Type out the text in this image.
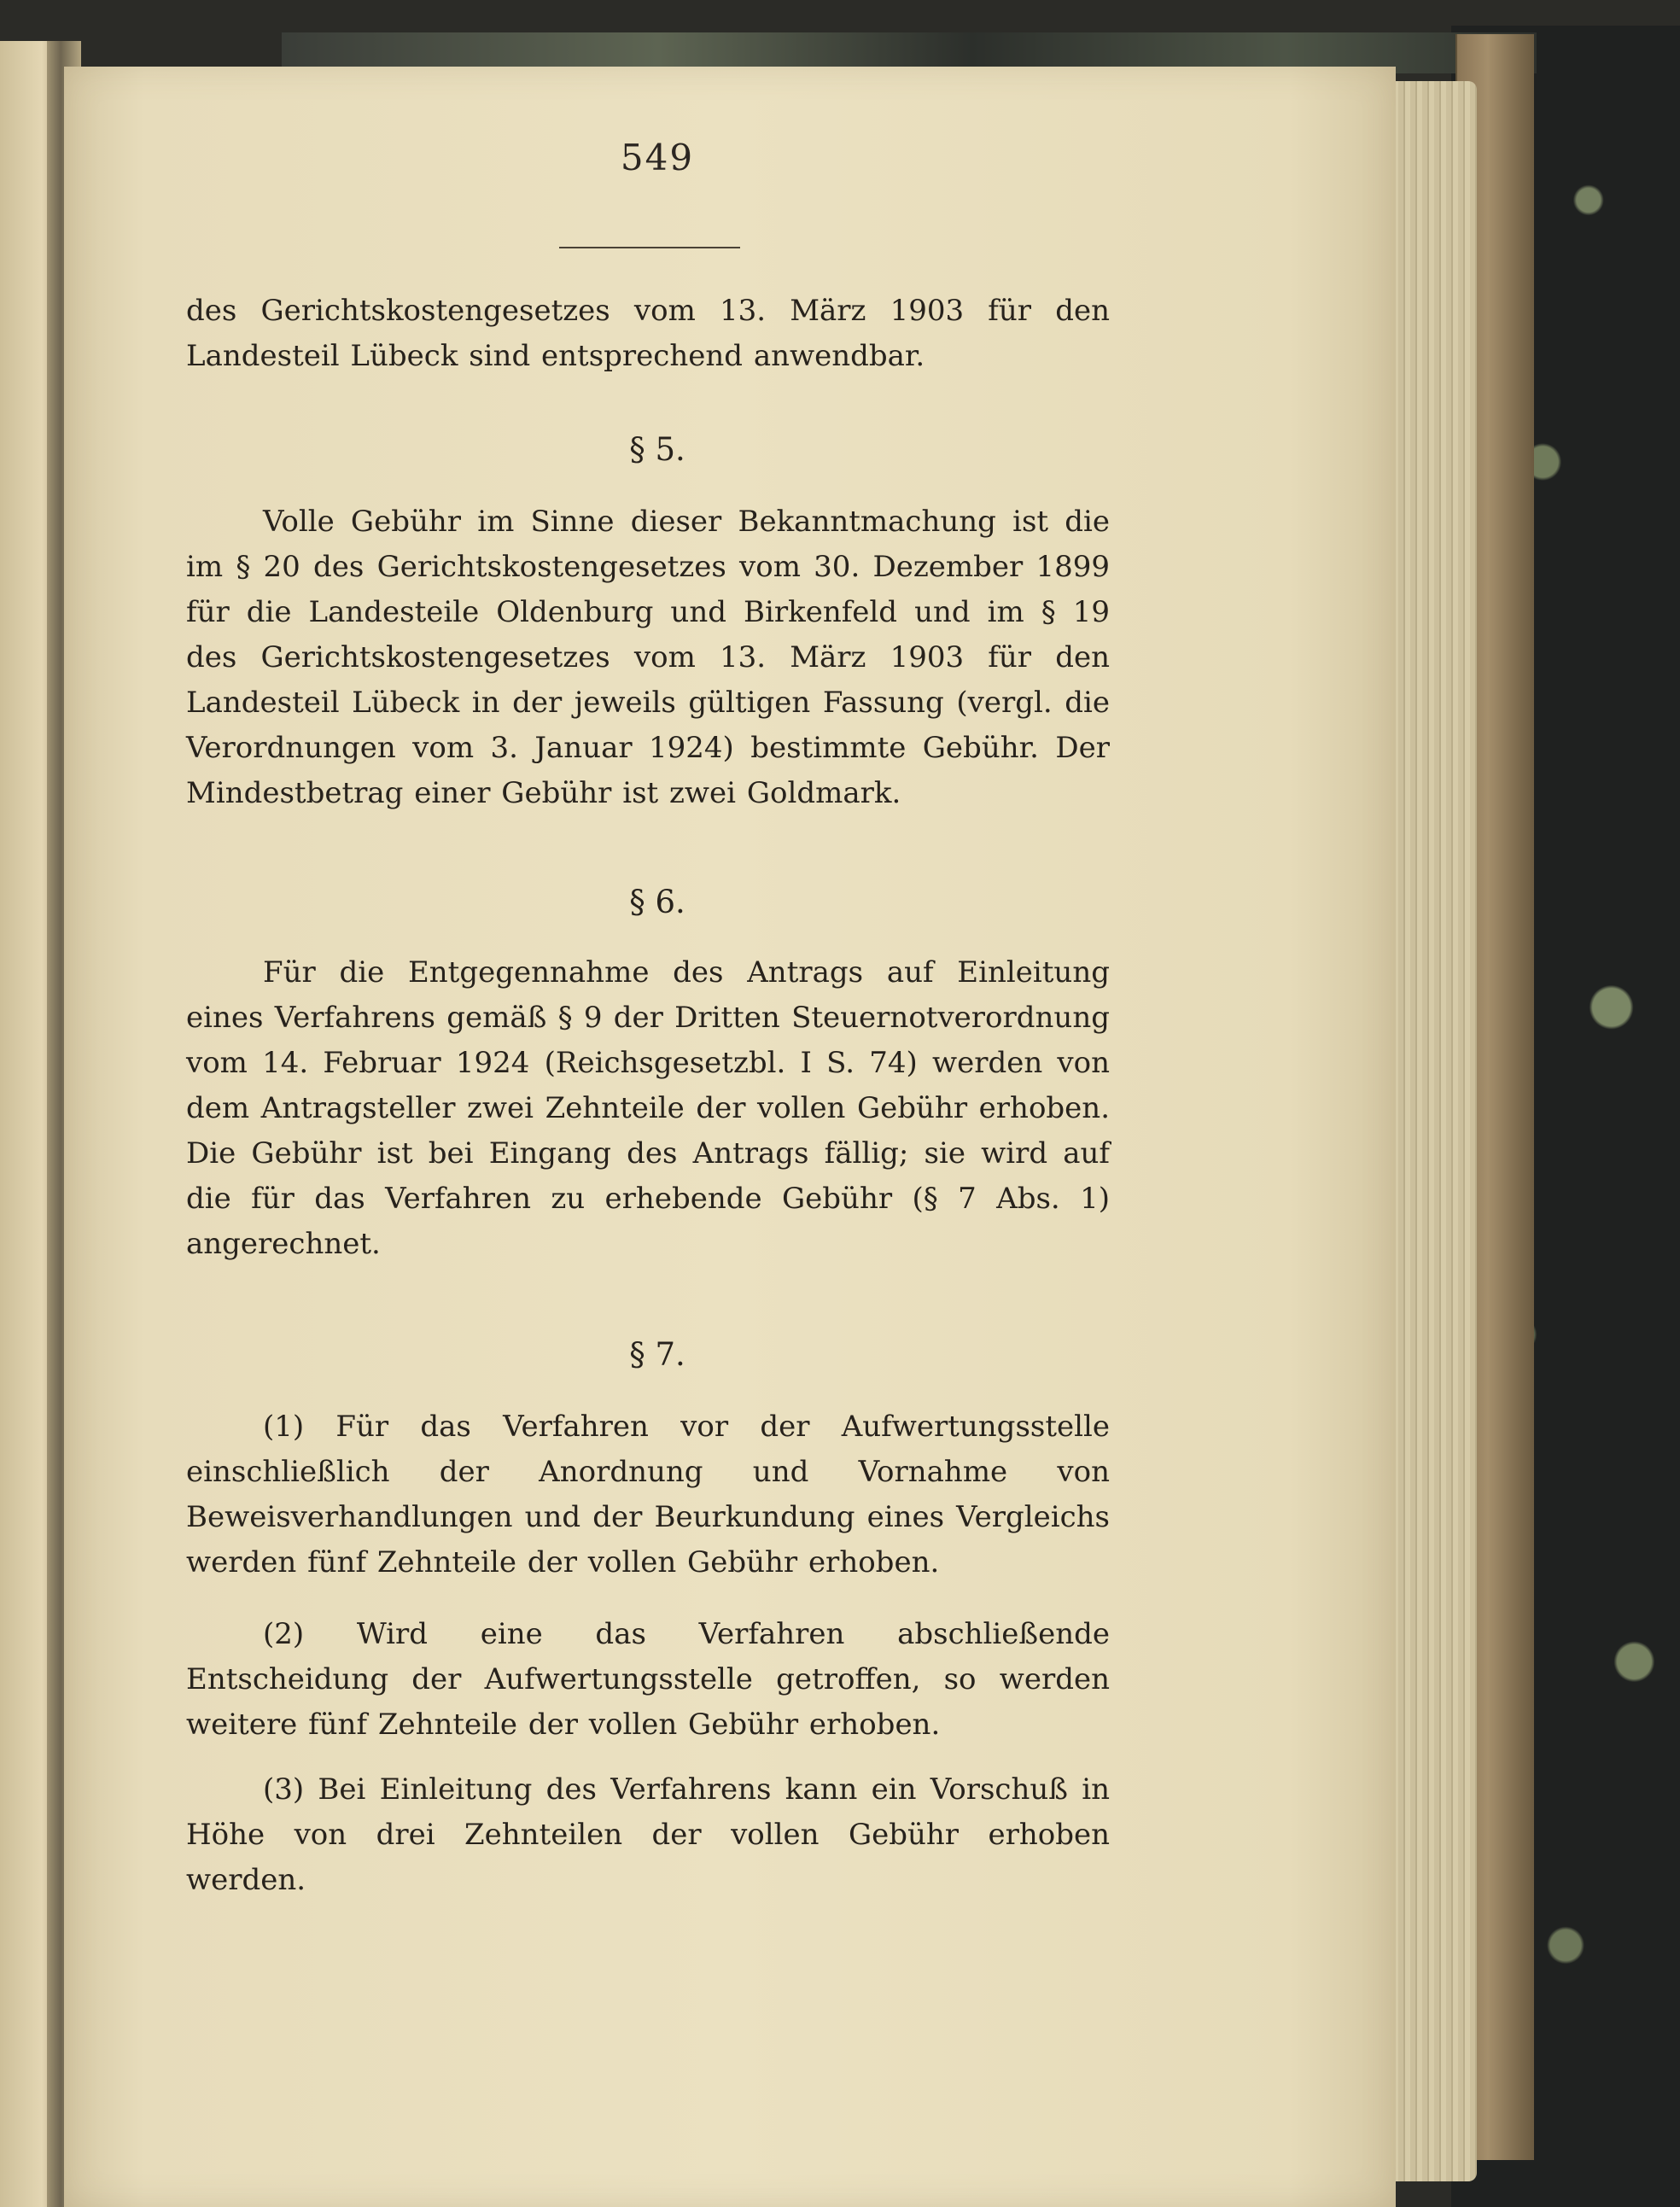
549

des Gerichtskostengesetzes vom 13. März 1903 für den Landesteil Lübeck sind entsprechend anwendbar.

§ 5.

Volle Gebühr im Sinne dieser Bekanntmachung ist die im § 20 des Gerichtskostengesetzes vom 30. Dezember 1899 für die Landesteile Oldenburg und Birkenfeld und im § 19 des Gerichtskostengesetzes vom 13. März 1903 für den Landesteil Lübeck in der jeweils gültigen Fassung (vergl. die Verordnungen vom 3. Januar 1924) bestimmte Gebühr. Der Mindestbetrag einer Gebühr ist zwei Goldmark.

§ 6.

Für die Entgegennahme des Antrags auf Einleitung eines Verfahrens gemäß § 9 der Dritten Steuernotverordnung vom 14. Februar 1924 (Reichsgesetzbl. I S. 74) werden von dem Antragsteller zwei Zehnteile der vollen Gebühr erhoben. Die Gebühr ist bei Eingang des Antrags fällig; sie wird auf die für das Verfahren zu erhebende Gebühr (§ 7 Abs. 1) angerechnet.

§ 7.

(1) Für das Verfahren vor der Aufwertungsstelle einschließlich der Anordnung und Vornahme von Beweisverhandlungen und der Beurkundung eines Vergleichs werden fünf Zehnteile der vollen Gebühr erhoben.

(2) Wird eine das Verfahren abschließende Entscheidung der Aufwertungsstelle getroffen, so werden weitere fünf Zehnteile der vollen Gebühr erhoben.

(3) Bei Einleitung des Verfahrens kann ein Vorschuß in Höhe von drei Zehnteilen der vollen Gebühr erhoben werden.
